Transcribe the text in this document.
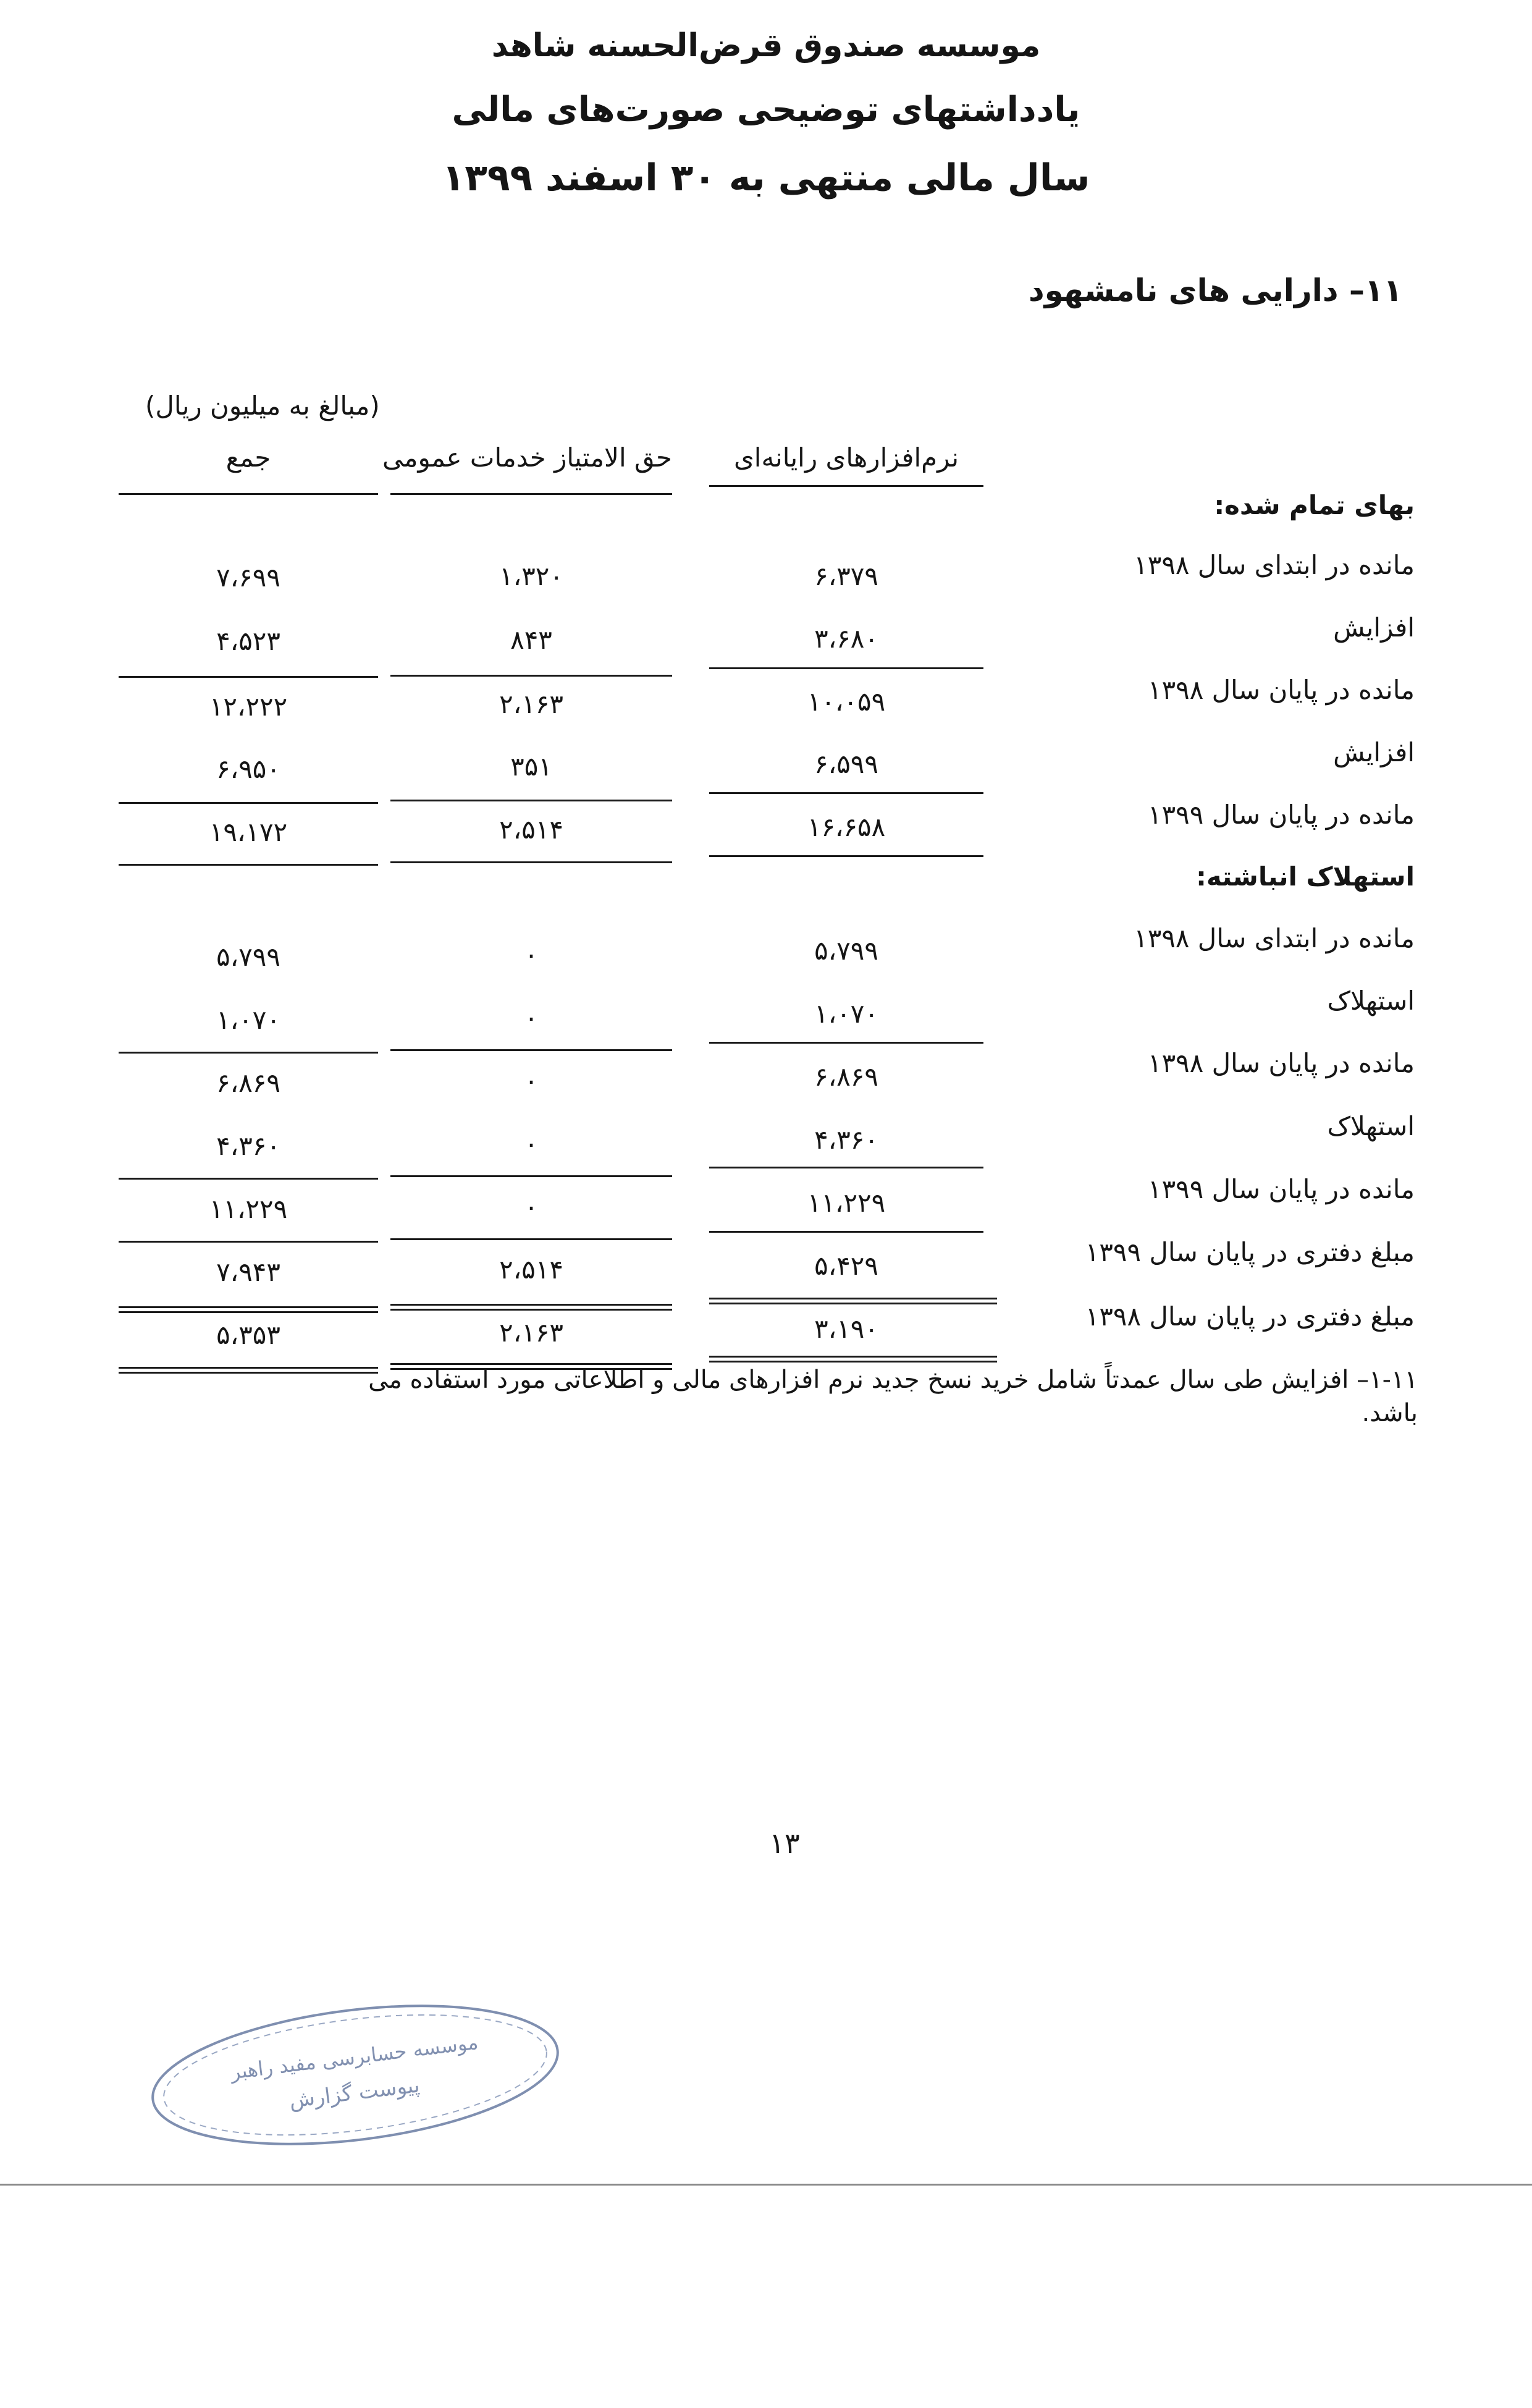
موسسه صندوق قرض‌الحسنه شاهد
یادداشتهای توضیحی صورت‌های مالی
سال مالی منتهی به ۳۰ اسفند ۱۳۹۹
۱۱– دارایی های نامشهود
(مبالغ به میلیون ریال)
نرم‌افزارهای رایانه‌ای
حق الامتیاز خدمات عمومی
جمع
بهای تمام شده:
مانده در ابتدای سال ۱۳۹۸
۶،۳۷۹
۱،۳۲۰
۷،۶۹۹
افزایش
۳،۶۸۰
۸۴۳
۴،۵۲۳
مانده در پایان سال ۱۳۹۸
۱۰،۰۵۹
۲،۱۶۳
۱۲،۲۲۲
افزایش
۶،۵۹۹
۳۵۱
۶،۹۵۰
مانده در پایان سال ۱۳۹۹
۱۶،۶۵۸
۲،۵۱۴
۱۹،۱۷۲
استهلاک انباشته:
مانده در ابتدای سال ۱۳۹۸
۵،۷۹۹
۰
۵،۷۹۹
استهلاک
۱،۰۷۰
۰
۱،۰۷۰
مانده در پایان سال ۱۳۹۸
۶،۸۶۹
۰
۶،۸۶۹
استهلاک
۴،۳۶۰
۰
۴،۳۶۰
مانده در پایان سال ۱۳۹۹
۱۱،۲۲۹
۰
۱۱،۲۲۹
مبلغ دفتری در پایان سال ۱۳۹۹
۵،۴۲۹
۲،۵۱۴
۷،۹۴۳
مبلغ دفتری در پایان سال ۱۳۹۸
۳،۱۹۰
۲،۱۶۳
۵،۳۵۳
۱-۱۱– افزایش طی سال عمدتاً شامل خرید نسخ جدید نرم افزارهای مالی و اطلاعاتی مورد استفاده می باشد.
۱۳
موسسه حسابرسی مفید راهبر
پیوست گزارش
